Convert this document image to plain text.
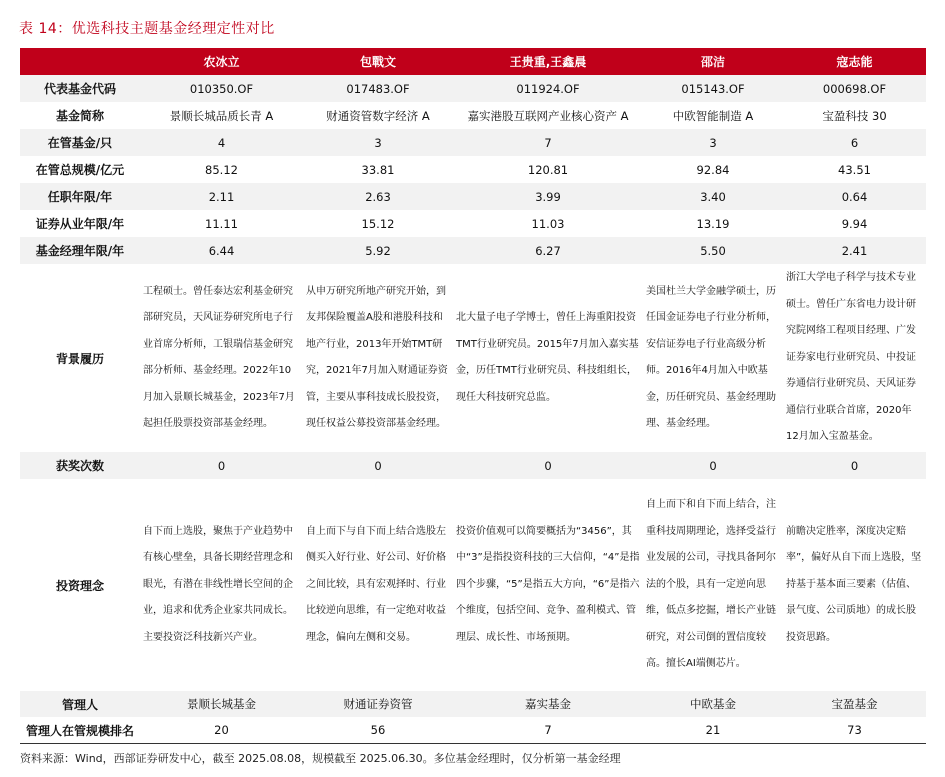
表 14：优选科技主题基金经理定性对比
	农冰立	包戰文	王贵重,王鑫晨	邵洁	寇志能
代表基金代码	010350.OF	017483.OF	011924.OF	015143.OF	000698.OF
基金简称	景顺长城品质长青 A	财通资管数字经济 A	嘉实港股互联网产业核心资产 A	中欧智能制造 A	宝盈科技 30
在管基金/只	4	3	7	3	6
在管总规模/亿元	85.12	33.81	120.81	92.84	43.51
任职年限/年	2.11	2.63	3.99	3.40	0.64
证券从业年限/年	11.11	15.12	11.03	13.19	9.94
基金经理年限/年	6.44	5.92	6.27	5.50	2.41
背景履历	工程硕士。曾任泰达宏利基金研究部研究员，天风证券研究所电子行业首席分析师，工银瑞信基金研究部分析师、基金经理。2022年10月加入景顺长城基金，2023年7月起担任股票投资部基金经理。	从申万研究所地产研究开始，到友邦保险覆盖A股和港股科技和地产行业，2013年开始TMT研究，2021年7月加入财通证券资管，主要从事科技成长股投资，现任权益公募投资部基金经理。	北大量子电子学博士，曾任上海重阳投资TMT行业研究员。2015年7月加入嘉实基金，历任TMT行业研究员、科技组组长，现任大科技研究总监。	美国杜兰大学金融学硕士，历任国金证券电子行业分析师，安信证券电子行业高级分析师。2016年4月加入中欧基金，历任研究员、基金经理助理、基金经理。	浙江大学电子科学与技术专业硕士。曾任广东省电力设计研究院网络工程项目经理、广发证券家电行业研究员、中投证券通信行业研究员、天风证券通信行业联合首席，2020年12月加入宝盈基金。

获奖次数	0	0	0	0	0
投资理念	自下而上选股，聚焦于产业趋势中有核心壁垒，具备长期经营理念和眼光，有潜在非线性增长空间的企业，追求和优秀企业家共同成长。主要投资泛科技新兴产业。	自上而下与自下而上结合选股左侧买入好行业、好公司、好价格之间比较，具有宏观择时、行业比较逆向思维，有一定绝对收益理念，偏向左侧和交易。	投资价值观可以简要概括为“3456”，其中“3”是指投资科技的三大信仰，“4”是指四个步骤，“5”是指五大方向，“6”是指六个维度，包括空间、竞争、盈利模式、管理层、成长性、市场预期。	自上而下和自下而上结合，注重科技周期理论，选择受益行业发展的公司，寻找具备阿尔法的个股，具有一定逆向思维，低点多挖掘，增长产业链研究，对公司倒的置信度较高。擅长AI端侧芯片。	前瞻决定胜率，深度决定赔率”，偏好从自下而上选股，坚持基于基本面三要素（估值、景气度、公司质地）的成长股投资思路。

管理人	景顺长城基金	财通证券资管	嘉实基金	中欧基金	宝盈基金
管理人在管规模排名	20	56	7	21	73
资料来源：Wind，西部证券研发中心，截至 2025.08.08，规模截至 2025.06.30。多位基金经理时，仅分析第一基金经理
